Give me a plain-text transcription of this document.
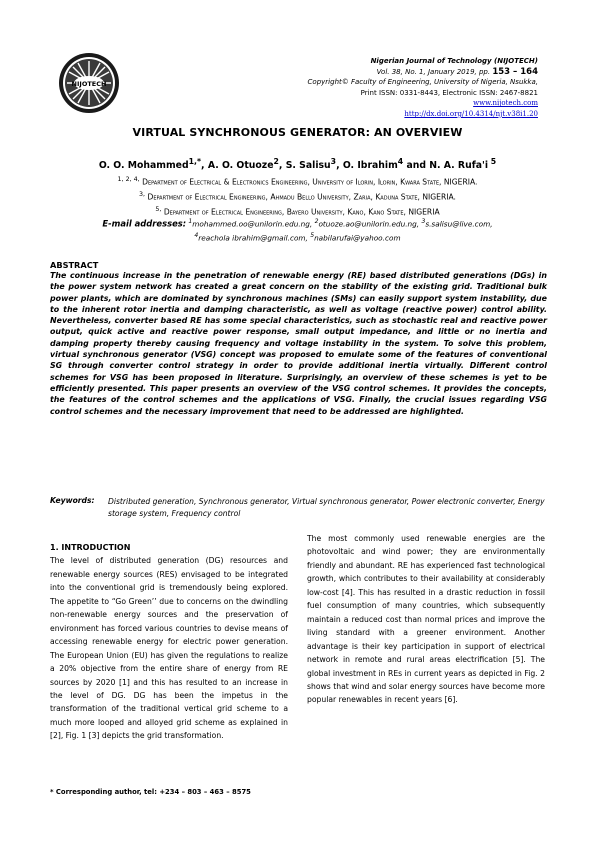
NIJOTECH
Nigerian Journal of Technology (NIJOTECH)
Vol. 38, No. 1, January 2019, pp. 153 – 164
Copyright© Faculty of Engineering, University of Nigeria, Nsukka,
Print ISSN: 0331-8443, Electronic ISSN: 2467-8821
www.nijotech.com
http://dx.doi.org/10.4314/njt.v38i1.20
VIRTUAL SYNCHRONOUS GENERATOR: AN OVERVIEW
O. O. Mohammed$^{1,*}$, A. O. Otuoze$^2$, S. Salisu$^3$, O. Ibrahim$^4$ and N. A. Rufa'i $^5$
$^{1, 2, 4,}$ Department of Electrical & Electronics Engineering, University of Ilorin, Ilorin, Kwara State, NIGERIA.
$^{3,}$ Department of Electrical Engineering, Ahmadu Bello University, Zaria, Kaduna State, NIGERIA.
$^{5,}$ Department of Electrical Engineering, Bayero University, Kano, Kano State, NIGERIA
E-mail addresses: $^1$mohammed.oo@unilorin.edu.ng, $^2$otuoze.ao@unilorin.edu.ng, $^3$s.salisu@live.com,
$^4$reachola ibrahim@gmail.com, $^5$nabilarufai@yahoo.com
ABSTRACT
The continuous increase in the penetration of renewable energy (RE) based distributed generations (DGs) in the power system network has created a great concern on the stability of the existing grid. Traditional bulk power plants, which are dominated by synchronous machines (SMs) can easily support system instability, due to the inherent rotor inertia and damping characteristic, as well as voltage (reactive power) control ability. Nevertheless, converter based RE has some special characteristics, such as stochastic real and reactive power output, quick active and reactive power response, small output impedance, and little or no inertia and damping property thereby causing frequency and voltage instability in the system. To solve this problem, virtual synchronous generator (VSG) concept was proposed to emulate some of the features of conventional SG through converter control strategy in order to provide additional inertia virtually. Different control schemes for VSG has been proposed in literature. Surprisingly, an overview of these schemes is yet to be efficiently presented. This paper presents an overview of the VSG control schemes. It provides the concepts, the features of the control schemes and the applications of VSG. Finally, the crucial issues regarding VSG control schemes and the necessary improvement that need to be addressed are highlighted.
Keywords: Distributed generation, Synchronous generator, Virtual synchronous generator, Power electronic converter, Energy storage system, Frequency control
1. INTRODUCTION
The level of distributed generation (DG) resources and renewable energy sources (RES) envisaged to be integrated into the conventional grid is tremendously being explored. The appetite to “Go Green’’ due to concerns on the dwindling non-renewable energy sources and the preservation of environment has forced various countries to devise means of accessing renewable energy for electric power generation. The European Union (EU) has given the regulations to realize a 20% objective from the entire share of energy from RE sources by 2020 [1] and this has resulted to an increase in the level of DG. DG has been the impetus in the transformation of the traditional vertical grid scheme to a much more looped and alloyed grid scheme as explained in [2], Fig. 1 [3] depicts the grid transformation.
The most commonly used renewable energies are the photovoltaic and wind power; they are environmentally friendly and abundant. RE has experienced fast technological growth, which contributes to their availability at considerably low-cost [4]. This has resulted in a drastic reduction in fossil fuel consumption of many countries, which subsequently maintain a reduced cost than normal prices and improve the living standard with a greener environment. Another advantage is their key participation in support of electrical network in remote and rural areas electrification [5]. The global investment in REs in current years as depicted in Fig. 2 shows that wind and solar energy sources have become more popular renewables in recent years [6].
* Corresponding author, tel: +234 – 803 – 463 – 8575
